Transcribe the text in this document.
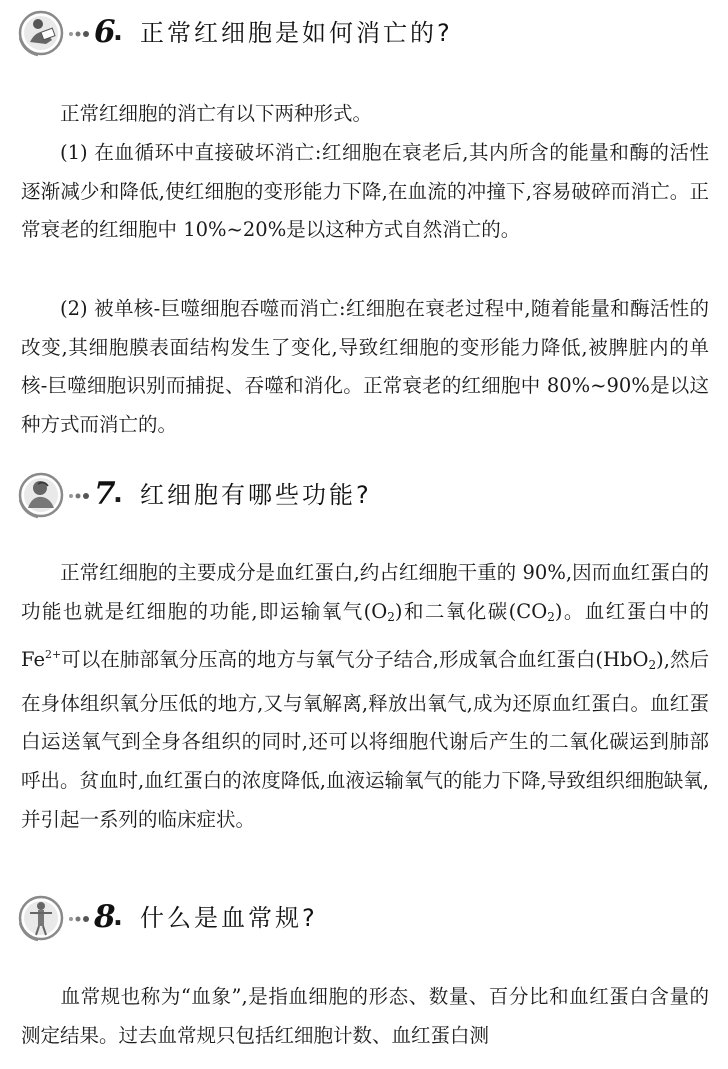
6
. 正常红细胞是如何消亡的?

正常红细胞的消亡有以下两种形式。

(1) 在血循环中直接破坏消亡:红细胞在衰老后,其内所含的能量和酶的活性逐渐减少和降低,使红细胞的变形能力下降,在血流的冲撞下,容易破碎而消亡。正常衰老的红细胞中 10%~20%是以这种方式自然消亡的。

(2) 被单核-巨噬细胞吞噬而消亡:红细胞在衰老过程中,随着能量和酶活性的改变,其细胞膜表面结构发生了变化,导致红细胞的变形能力降低,被脾脏内的单核-巨噬细胞识别而捕捉、吞噬和消化。正常衰老的红细胞中 80%~90%是以这种方式而消亡的。

7
. 红细胞有哪些功能?

正常红细胞的主要成分是血红蛋白,约占红细胞干重的 90%,因而血红蛋白的功能也就是红细胞的功能,即运输氧气$(O_2)$和二氧化碳$(CO_2)$。血红蛋白中的 $Fe^{2+}$可以在肺部氧分压高的地方与氧气分子结合,形成氧合血红蛋白(HbO$_2$),然后在身体组织氧分压低的地方,又与氧解离,释放出氧气,成为还原血红蛋白。血红蛋白运送氧气到全身各组织的同时,还可以将细胞代谢后产生的二氧化碳运到肺部呼出。贫血时,血红蛋白的浓度降低,血液运输氧气的能力下降,导致组织细胞缺氧,并引起一系列的临床症状。

8
. 什么是血常规?

血常规也称为“血象”,是指血细胞的形态、数量、百分比和血红蛋白含量的测定结果。过去血常规只包括红细胞计数、血红蛋白测
